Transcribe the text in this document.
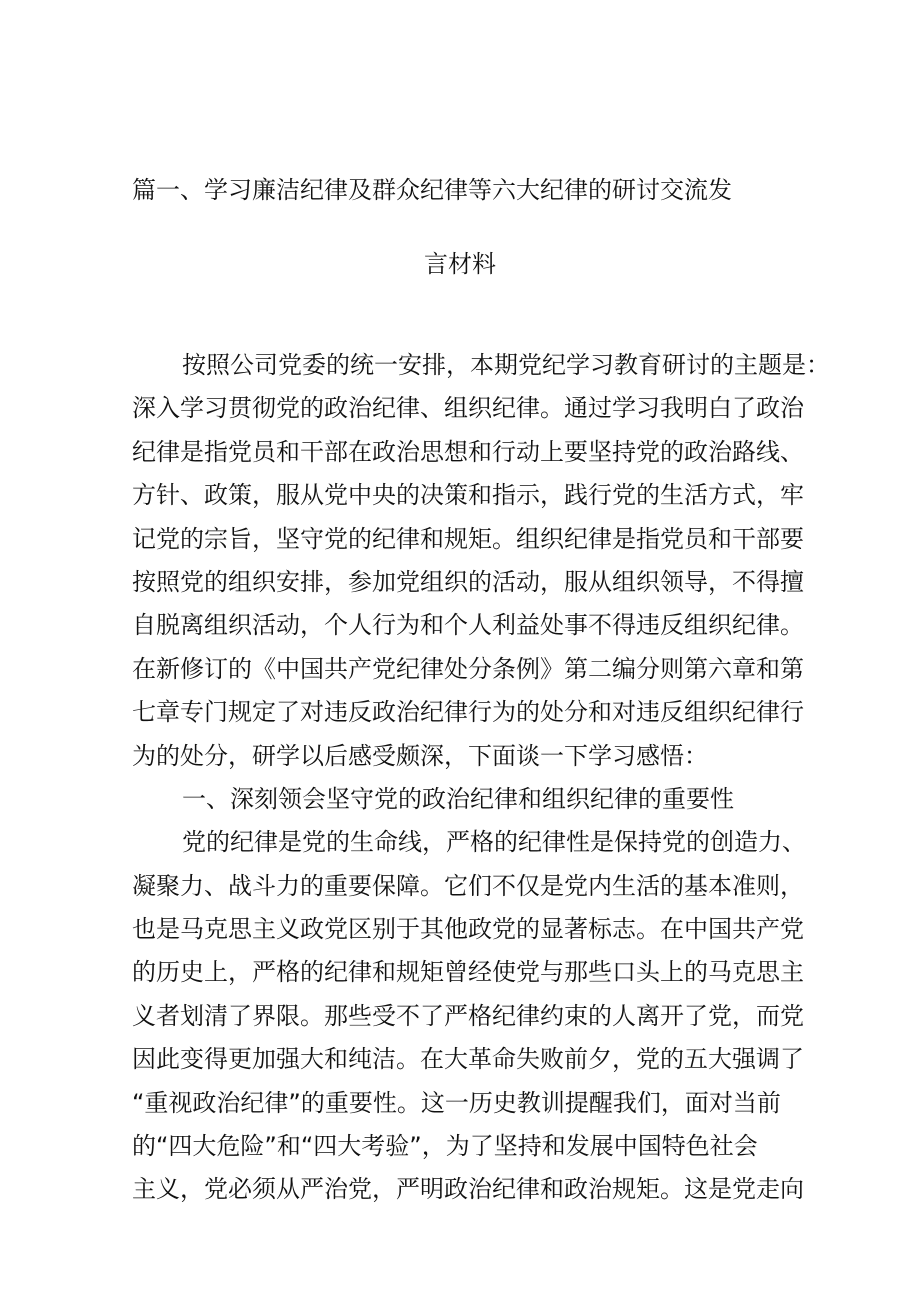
篇一、学习廉洁纪律及群众纪律等六大纪律的研讨交流发
言材料
按照公司党委的统一安排，本期党纪学习教育研讨的主题是：
深入学习贯彻党的政治纪律、组织纪律。通过学习我明白了政治
纪律是指党员和干部在政治思想和行动上要坚持党的政治路线、
方针、政策，服从党中央的决策和指示，践行党的生活方式，牢
记党的宗旨，坚守党的纪律和规矩。组织纪律是指党员和干部要
按照党的组织安排，参加党组织的活动，服从组织领导，不得擅
自脱离组织活动，个人行为和个人利益处事不得违反组织纪律。
在新修订的《中国共产党纪律处分条例》第二编分则第六章和第
七章专门规定了对违反政治纪律行为的处分和对违反组织纪律行
为的处分，研学以后感受颇深，下面谈一下学习感悟：
一、深刻领会坚守党的政治纪律和组织纪律的重要性
党的纪律是党的生命线，严格的纪律性是保持党的创造力、
凝聚力、战斗力的重要保障。它们不仅是党内生活的基本准则，
也是马克思主义政党区别于其他政党的显著标志。在中国共产党
的历史上，严格的纪律和规矩曾经使党与那些口头上的马克思主
义者划清了界限。那些受不了严格纪律约束的人离开了党，而党
因此变得更加强大和纯洁。在大革命失败前夕，党的五大强调了
“重视政治纪律”的重要性。这一历史教训提醒我们，面对当前
的“四大危险”和“四大考验”，为了坚持和发展中国特色社会
主义，党必须从严治党，严明政治纪律和政治规矩。这是党走向
